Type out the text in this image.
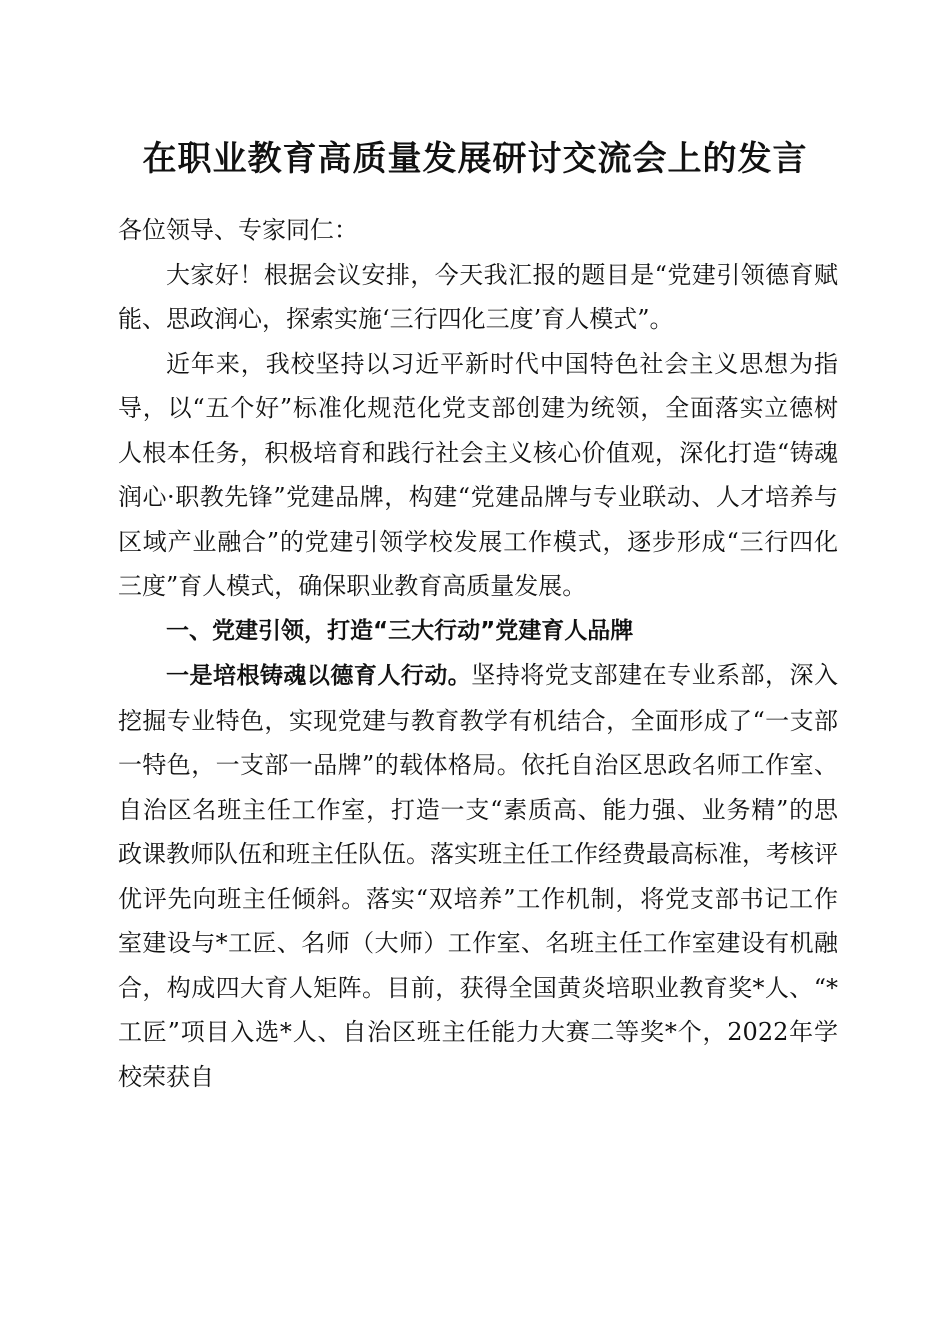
在职业教育高质量发展研讨交流会上的发言

各位领导、专家同仁：

大家好！根据会议安排，今天我汇报的题目是“党建引领德育赋能、思政润心，探索实施‘三行四化三度’育人模式”。

近年来，我校坚持以习近平新时代中国特色社会主义思想为指导，以“五个好”标准化规范化党支部创建为统领，全面落实立德树人根本任务，积极培育和践行社会主义核心价值观，深化打造“铸魂润心·职教先锋”党建品牌，构建“党建品牌与专业联动、人才培养与区域产业融合”的党建引领学校发展工作模式，逐步形成“三行四化三度”育人模式，确保职业教育高质量发展。

一、党建引领，打造“三大行动”党建育人品牌

一是培根铸魂以德育人行动。坚持将党支部建在专业系部，深入挖掘专业特色，实现党建与教育教学有机结合，全面形成了“一支部一特色，一支部一品牌”的载体格局。依托自治区思政名师工作室、自治区名班主任工作室，打造一支“素质高、能力强、业务精”的思政课教师队伍和班主任队伍。落实班主任工作经费最高标准，考核评优评先向班主任倾斜。落实“双培养”工作机制，将党支部书记工作室建设与*工匠、名师（大师）工作室、名班主任工作室建设有机融合，构成四大育人矩阵。目前，获得全国黄炎培职业教育奖*人、“*工匠”项目入选*人、自治区班主任能力大赛二等奖*个，2022年学校荣获自
